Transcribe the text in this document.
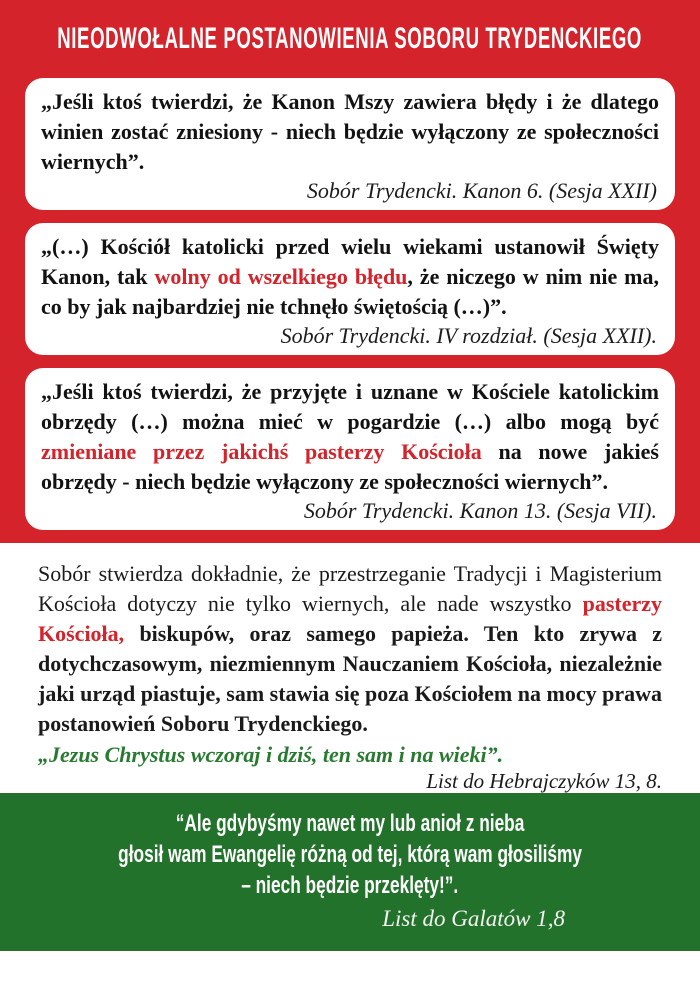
NIEODWOŁALNE POSTANOWIENIA SOBORU TRYDENCKIEGO

„Jeśli ktoś twierdzi, że Kanon Mszy zawiera błędy i że dlatego winien zostać zniesiony - niech będzie wyłączony ze społeczności wiernych”.

Sobór Trydencki. Kanon 6. (Sesja XXII)

„(…) Kościół katolicki przed wielu wiekami ustanowił Święty Kanon, tak wolny od wszelkiego błędu, że niczego w nim nie ma, co by jak najbardziej nie tchnęło świętością (…)”.

Sobór Trydencki. IV rozdział. (Sesja XXII).

„Jeśli ktoś twierdzi, że przyjęte i uznane w Kościele katolickim obrzędy (…) można mieć w pogardzie (…) albo mogą być zmieniane przez jakichś pasterzy Kościoła na nowe jakieś obrzędy - niech będzie wyłączony ze społeczności wiernych”.

Sobór Trydencki. Kanon 13. (Sesja VII).

Sobór stwierdza dokładnie, że przestrzeganie Tradycji i Magisterium Kościoła dotyczy nie tylko wiernych, ale nade wszystko pasterzy Kościoła, biskupów, oraz samego papieża. Ten kto zrywa z dotychczasowym, niezmiennym Nauczaniem Kościoła, niezależnie jaki urząd piastuje, sam stawia się poza Kościołem na mocy prawa postanowień Soboru Trydenckiego.

„Jezus Chrystus wczoraj i dziś, ten sam i na wieki”.

List do Hebrajczyków 13, 8.

“Ale gdybyśmy nawet my lub anioł z nieba
głosił wam Ewangelię różną od tej, którą wam głosiliśmy
– niech będzie przeklęty!”.

List do Galatów 1,8
